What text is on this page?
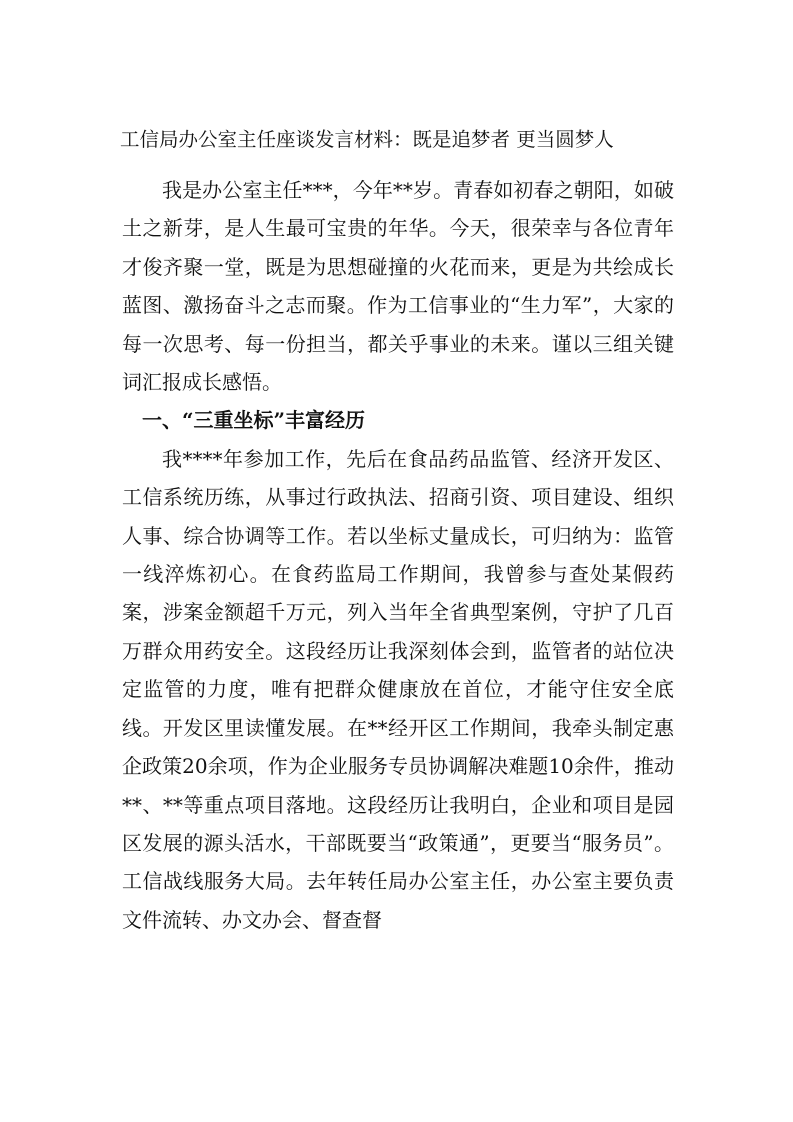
工信局办公室主任座谈发言材料：既是追梦者 更当圆梦人

我是办公室主任***，今年**岁。青春如初春之朝阳，如破土之新芽，是人生最可宝贵的年华。今天，很荣幸与各位青年才俊齐聚一堂，既是为思想碰撞的火花而来，更是为共绘成长蓝图、激扬奋斗之志而聚。作为工信事业的“生力军”，大家的每一次思考、每一份担当，都关乎事业的未来。谨以三组关键词汇报成长感悟。

一、“三重坐标”丰富经历

我****年参加工作，先后在食品药品监管、经济开发区、工信系统历练，从事过行政执法、招商引资、项目建设、组织人事、综合协调等工作。若以坐标丈量成长，可归纳为：监管一线淬炼初心。在食药监局工作期间，我曾参与查处某假药案，涉案金额超千万元，列入当年全省典型案例，守护了几百万群众用药安全。这段经历让我深刻体会到，监管者的站位决定监管的力度，唯有把群众健康放在首位，才能守住安全底线。开发区里读懂发展。在**经开区工作期间，我牵头制定惠企政策20余项，作为企业服务专员协调解决难题10余件，推动**、**等重点项目落地。这段经历让我明白，企业和项目是园区发展的源头活水，干部既要当“政策通”，更要当“服务员”。工信战线服务大局。去年转任局办公室主任，办公室主要负责文件流转、办文办会、督查督
